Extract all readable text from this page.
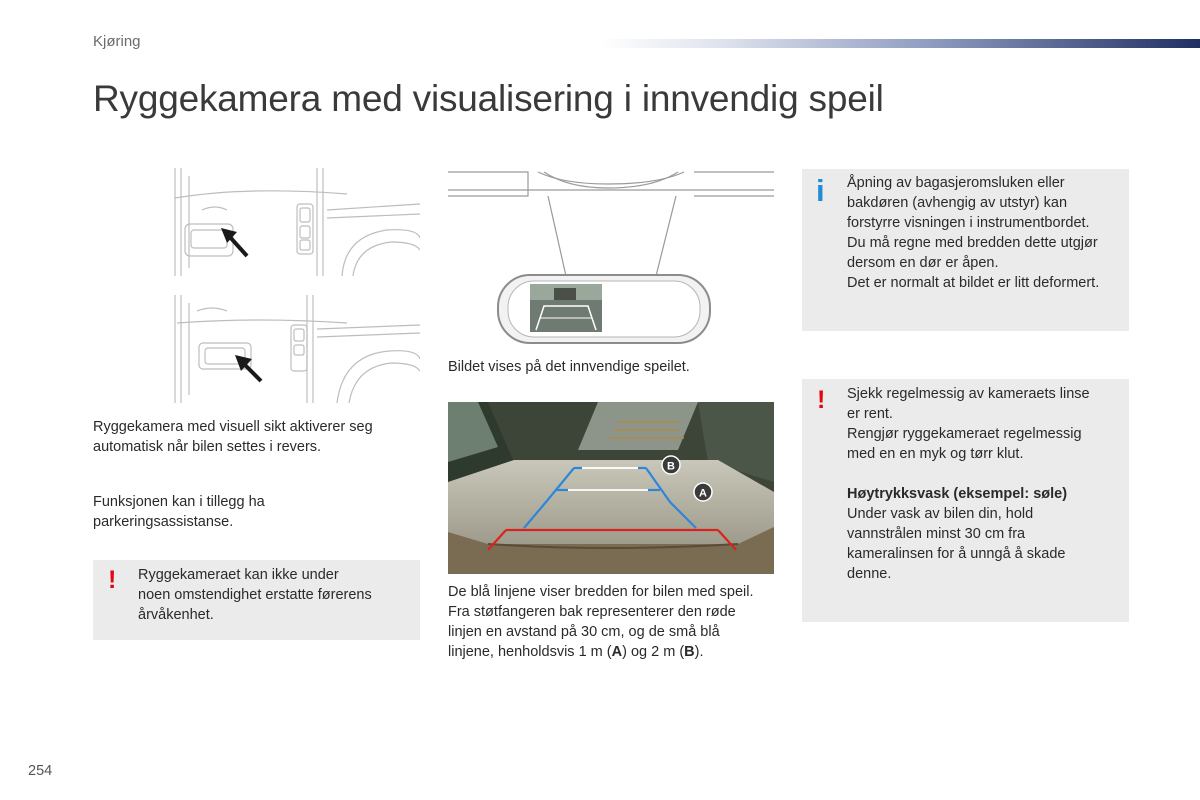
Kjøring
Ryggekamera med visualisering i innvendig speil
Ryggekamera med visuell sikt aktiverer seg
automatisk når bilen settes i revers.
Funksjonen kan i tillegg ha
parkeringsassistanse.
! Ryggekameraet kan ikke under
noen omstendighet erstatte førerens
årvåkenhet.
Bildet vises på det innvendige speilet.
B
A
De blå linjene viser bredden for bilen med speil.
Fra støtfangeren bak representerer den røde
linjen en avstand på 30 cm, og de små blå
linjene, henholdsvis 1 m (A) og 2 m (B).
i Åpning av bagasjeromsluken eller
bakdøren (avhengig av utstyr) kan
forstyrre visningen i instrumentbordet.
Du må regne med bredden dette utgjør
dersom en dør er åpen.
Det er normalt at bildet er litt deformert.
! Sjekk regelmessig av kameraets linse
er rent.
Rengjør ryggekameraet regelmessig
med en en myk og tørr klut.
Høytrykksvask (eksempel: søle)
Under vask av bilen din, hold
vannstrålen minst 30 cm fra
kameralinsen for å unngå å skade
denne.
254
